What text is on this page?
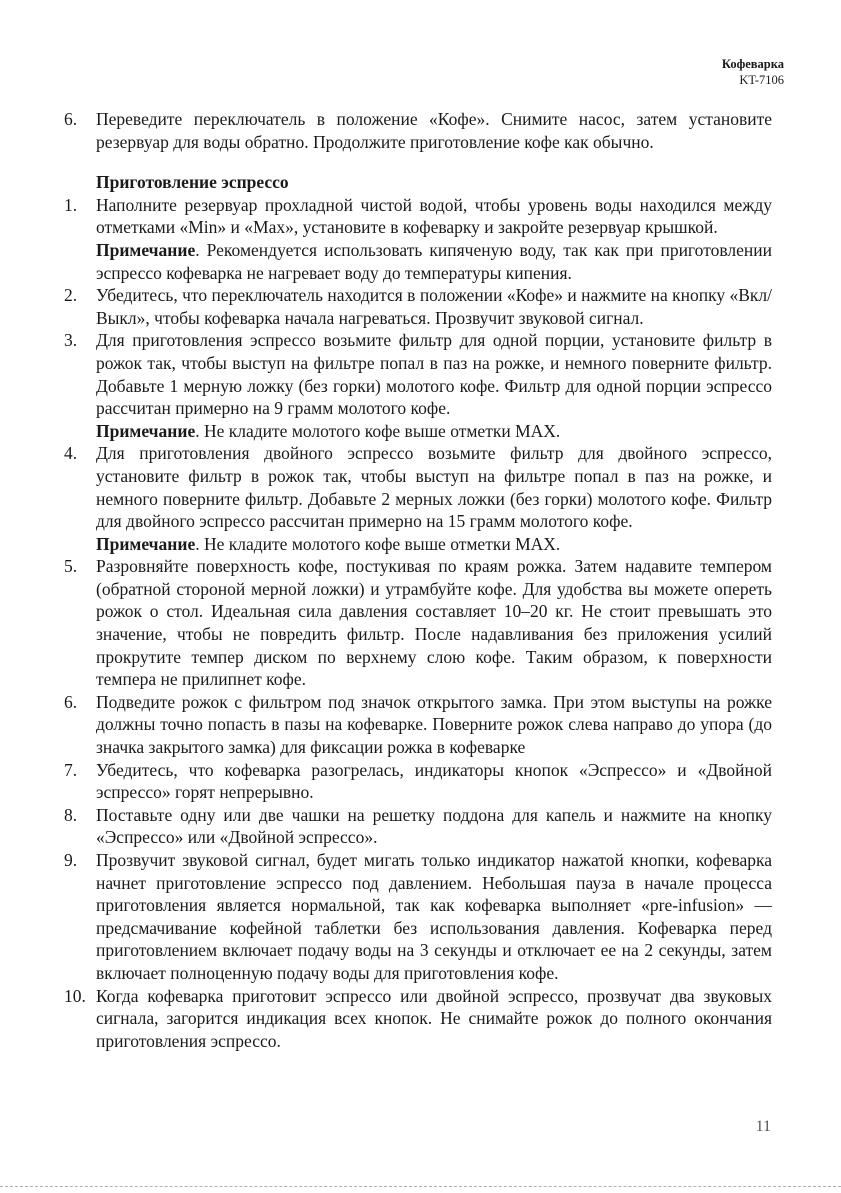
Кофеварка
KT-7106
6.	Переведите переключатель в положение «Кофе». Снимите насос, затем установите резервуар для воды обратно. Продолжите приготовление кофе как обычно.
Приготовление эспрессо
1.	Наполните резервуар прохладной чистой водой, чтобы уровень воды находился между отметками «Min» и «Max», установите в кофеварку и закройте резервуар крышкой.
Примечание. Рекомендуется использовать кипяченую воду, так как при приготовлении эспрессо кофеварка не нагревает воду до температуры кипения.
2.	Убедитесь, что переключатель находится в положении «Кофе» и нажмите на кнопку «Вкл/Выкл», чтобы кофеварка начала нагреваться. Прозвучит звуковой сигнал.
3.	Для приготовления эспрессо возьмите фильтр для одной порции, установите фильтр в рожок так, чтобы выступ на фильтре попал в паз на рожке, и немного поверните фильтр. Добавьте 1 мерную ложку (без горки) молотого кофе. Фильтр для одной порции эспрессо рассчитан примерно на 9 грамм молотого кофе.
Примечание. Не кладите молотого кофе выше отметки MAX.
4.	Для приготовления двойного эспрессо возьмите фильтр для двойного эспрессо, установите фильтр в рожок так, чтобы выступ на фильтре попал в паз на рожке, и немного поверните фильтр. Добавьте 2 мерных ложки (без горки) молотого кофе. Фильтр для двойного эспрессо рассчитан примерно на 15 грамм молотого кофе.
Примечание. Не кладите молотого кофе выше отметки MAX.
5.	Разровняйте поверхность кофе, постукивая по краям рожка. Затем надавите темпером (обратной стороной мерной ложки) и утрамбуйте кофе. Для удобства вы можете опереть рожок о стол. Идеальная сила давления составляет 10–20 кг. Не стоит превышать это значение, чтобы не повредить фильтр. После надавливания без приложения усилий прокрутите темпер диском по верхнему слою кофе. Таким образом, к поверхности темпера не прилипнет кофе.
6.	Подведите рожок с фильтром под значок открытого замка. При этом выступы на рожке должны точно попасть в пазы на кофеварке. Поверните рожок слева направо до упора (до значка закрытого замка) для фиксации рожка в кофеварке
7.	Убедитесь, что кофеварка разогрелась, индикаторы кнопок «Эспрессо» и «Двойной эспрессо» горят непрерывно.
8.	Поставьте одну или две чашки на решетку поддона для капель и нажмите на кнопку «Эспрессо» или «Двойной эспрессо».
9.	Прозвучит звуковой сигнал, будет мигать только индикатор нажатой кнопки, кофеварка начнет приготовление эспрессо под давлением. Небольшая пауза в начале процесса приготовления является нормальной, так как кофеварка выполняет «pre-infusion» — предсмачивание кофейной таблетки без использования давления. Кофеварка перед приготовлением включает подачу воды на 3 секунды и отключает ее на 2 секунды, затем включает полноценную подачу воды для приготовления кофе.
10. Когда кофеварка приготовит эспрессо или двойной эспрессо, прозвучат два звуковых сигнала, загорится индикация всех кнопок. Не снимайте рожок до полного окончания приготовления эспрессо.
11
